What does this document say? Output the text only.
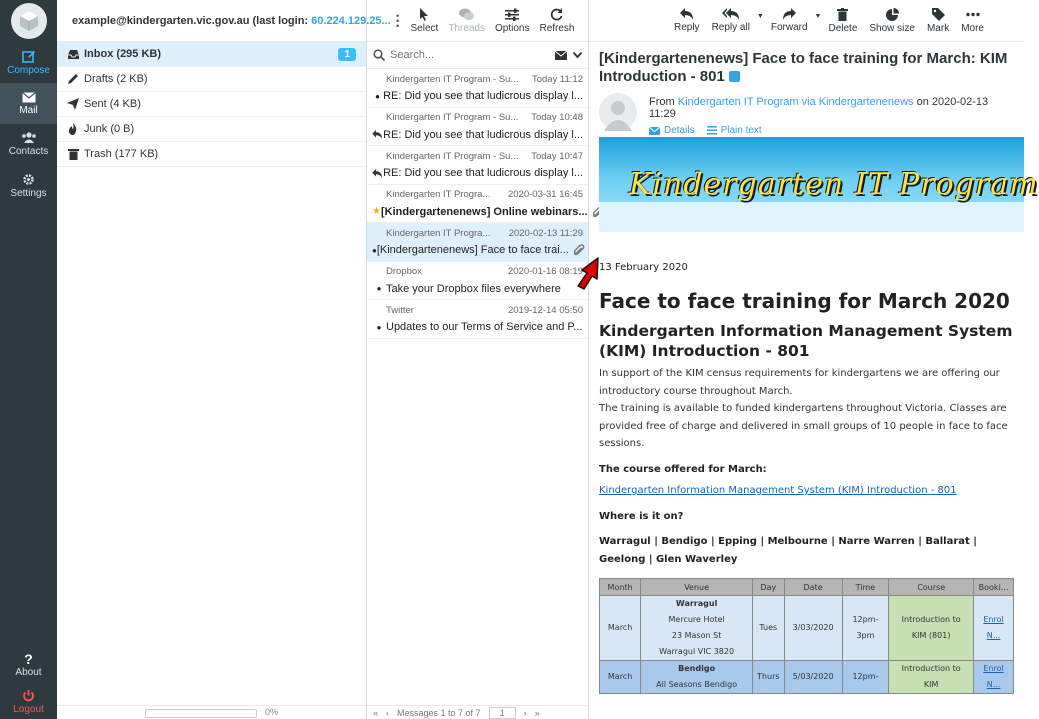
Compose
Mail
Contacts
Settings
?
About
Logout
example@kindergarten.vic.gov.au (last login: 60.224.129.25... ⋮
Inbox
(295 KB)	1
Drafts
(2 KB)
Sent
(4 KB)
Junk
(0 B)
Trash
(177 KB)
0%
Select Threads Options Refresh
Search...
Kindergarten IT Program - Su...	Today 11:12
● RE: Did you see that ludicrous display l...
Kindergarten IT Program - Su...	Today 10:48
RE: Did you see that ludicrous display l...
Kindergarten IT Program - Su...	Today 10:47
RE: Did you see that ludicrous display l...
Kindergarten IT Progra...	2020-03-31 16:45
★ [Kindergartenenews] Online webinars...
Kindergarten IT Progra...	2020-02-13 11:29
● [Kindergartenenews] Face to face trai...
Dropbox	2020-01-16 08:19
● Take your Dropbox files everywhere
Twitter	2019-12-14 05:50
● Updates to our Terms of Service and P...
« ‹ Messages 1 to 7 of 7	1	› »
Reply Reply all
▼
Forward
▼
Delete Show size Mark More
[Kindergartenenews] Face to face training for March: KIM Introduction - 801
From Kindergarten IT Program via Kindergartenenews on 2020-02-13 11:29
Details	Plain text
Kindergarten IT Program
13 February 2020
Face to face training for March 2020
Kindergarten Information Management System (KIM) Introduction - 801

In support of the KIM census requirements for kindergartens we are offering our introductory course throughout March.
The training is available to funded kindergartens throughout Victoria. Classes are provided free of charge and delivered in small groups of 10 people in face to face sessions.

The course offered for March:

Kindergarten Information Management System (KIM) Introduction - 801

Where is it on?

Warragul | Bendigo | Epping | Melbourne | Narre Warren | Ballarat | Geelong | Glen Waverley

Month	Venue	Day	Date	Time	Course	Booki...
March	Warragul
Mercure Hotel
23 Mason St
Warragul VIC 3820	Tues	3/03/2020	12pm-3pm	Introduction to KIM (801)	Enrol N...
March	Bendigo
All Seasons Bendigo	Thurs	5/03/2020	12pm-	Introduction to KIM	Enrol N...
